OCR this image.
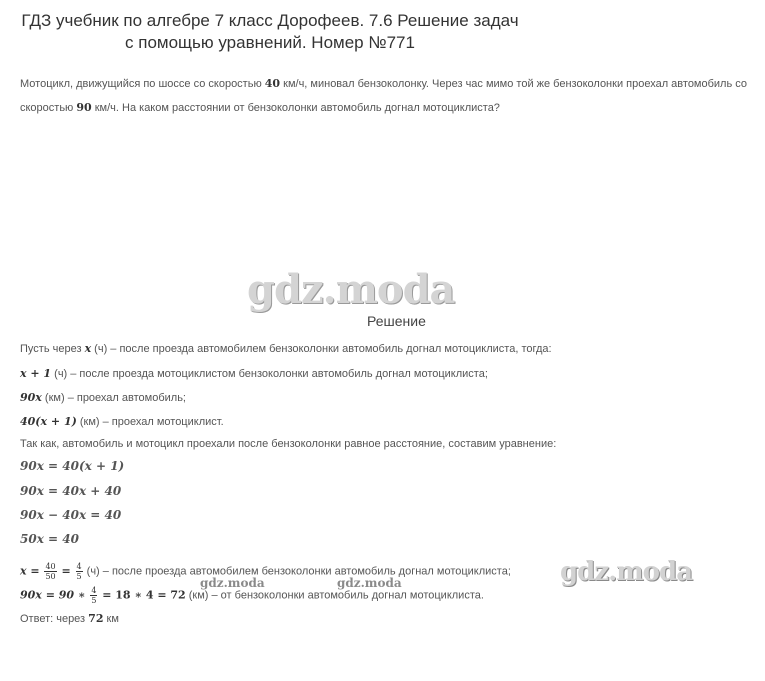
ГДЗ учебник по алгебре 7 класс Дорофеев. 7.6 Решение задач
с помощью уравнений. Номер №771
Мотоцикл, движущийся по шоссе со скоростью 40 км/ч, миновал бензоколонку. Через час мимо той же бензоколонки проехал автомобиль со скоростью 90 км/ч. На каком расстоянии от бензоколонки автомобиль догнал мотоциклиста?
gdz.moda
Решение
Пусть через x (ч) – после проезда автомобилем бензоколонки автомобиль догнал мотоциклиста, тогда:
x + 1 (ч) – после проезда мотоциклистом бензоколонки автомобиль догнал мотоциклиста;
90x (км) – проехал автомобиль;
40(x + 1) (км) – проехал мотоциклист.
Так как, автомобиль и мотоцикл проехали после бензоколонки равное расстояние, составим уравнение:
90x = 40(x + 1)
90x = 40x + 40
90x − 40x = 40
50x = 40
gdz.moda
$x = \frac{40}{50} = \frac{4}{5} (ч)$ – после проезда автомобилем бензоколонки автомобиль догнал мотоциклиста;
gdz.moda	gdz.moda
90x = 90 ∗ $\frac{4}{5} = 18$ ∗ 4 = 72 (км) – от бензоколонки автомобиль догнал мотоциклиста.
Ответ: через 72 км
